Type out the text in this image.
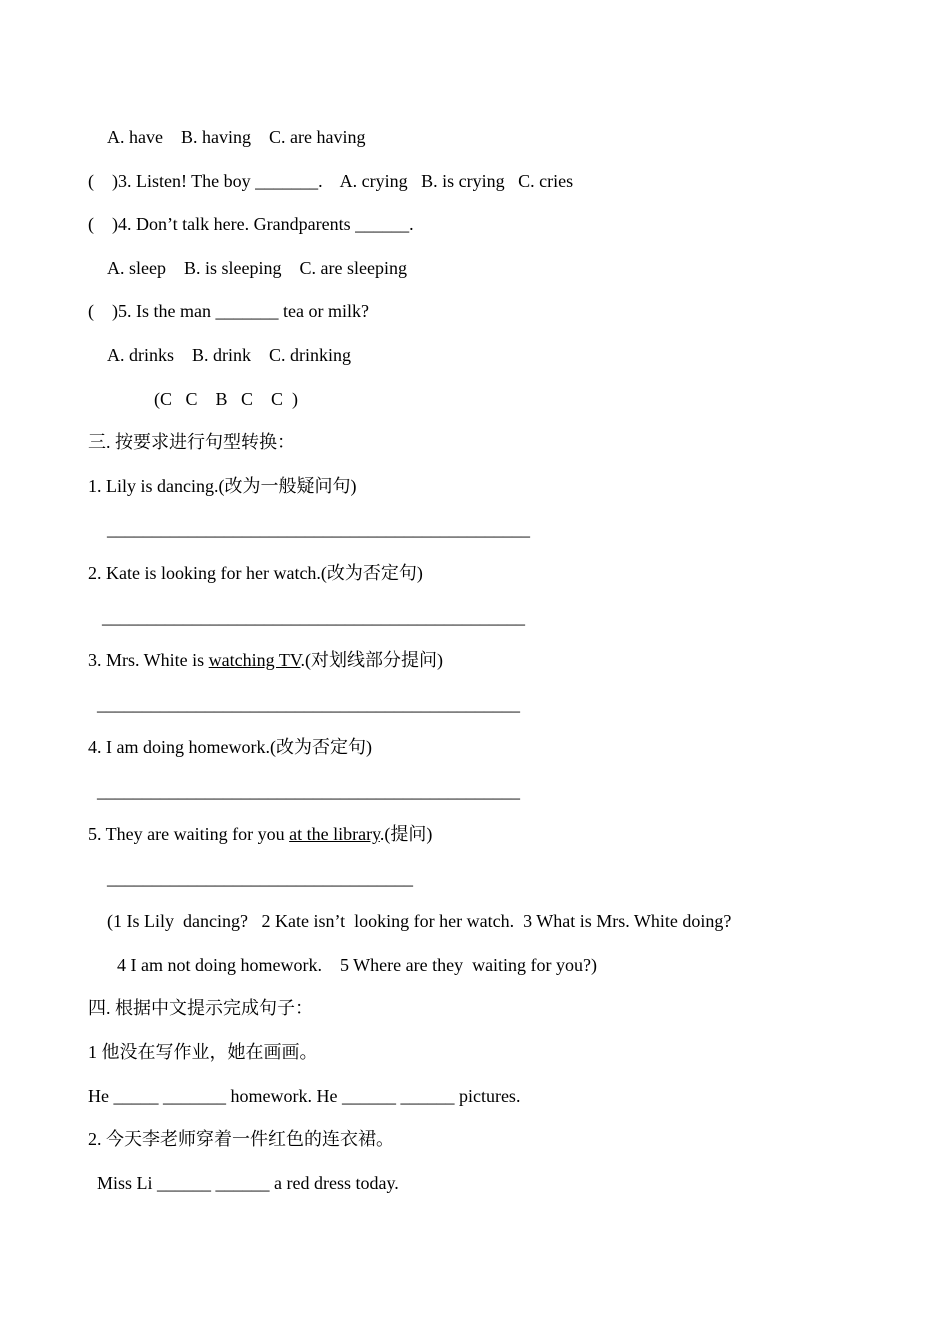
A. have    B. having    C. are having
(    )3. Listen! The boy _______.    A. crying   B. is crying   C. cries
(    )4. Don’t talk here. Grandparents ______.
A. sleep    B. is sleeping    C. are sleeping
(    )5. Is the man _______ tea or milk?
A. drinks    B. drink    C. drinking
(C   C    B   C    C  )
三. 按要求进行句型转换：
1. Lily is dancing.(改为一般疑问句)
_______________________________________________
2. Kate is looking for her watch.(改为否定句)
_______________________________________________
3. Mrs. White is watching TV.(对划线部分提问)
_______________________________________________
4. I am doing homework.(改为否定句)
_______________________________________________
5. They are waiting for you at the library.(提问)
__________________________________
(1 Is Lily  dancing?   2 Kate isn’t  looking for her watch.  3 What is Mrs. White doing?
4 I am not doing homework.    5 Where are they  waiting for you?)
四. 根据中文提示完成句子：
1 他没在写作业，她在画画。
He _____ _______ homework. He ______ ______ pictures.
2. 今天李老师穿着一件红色的连衣裙。
Miss Li ______ ______ a red dress today.
